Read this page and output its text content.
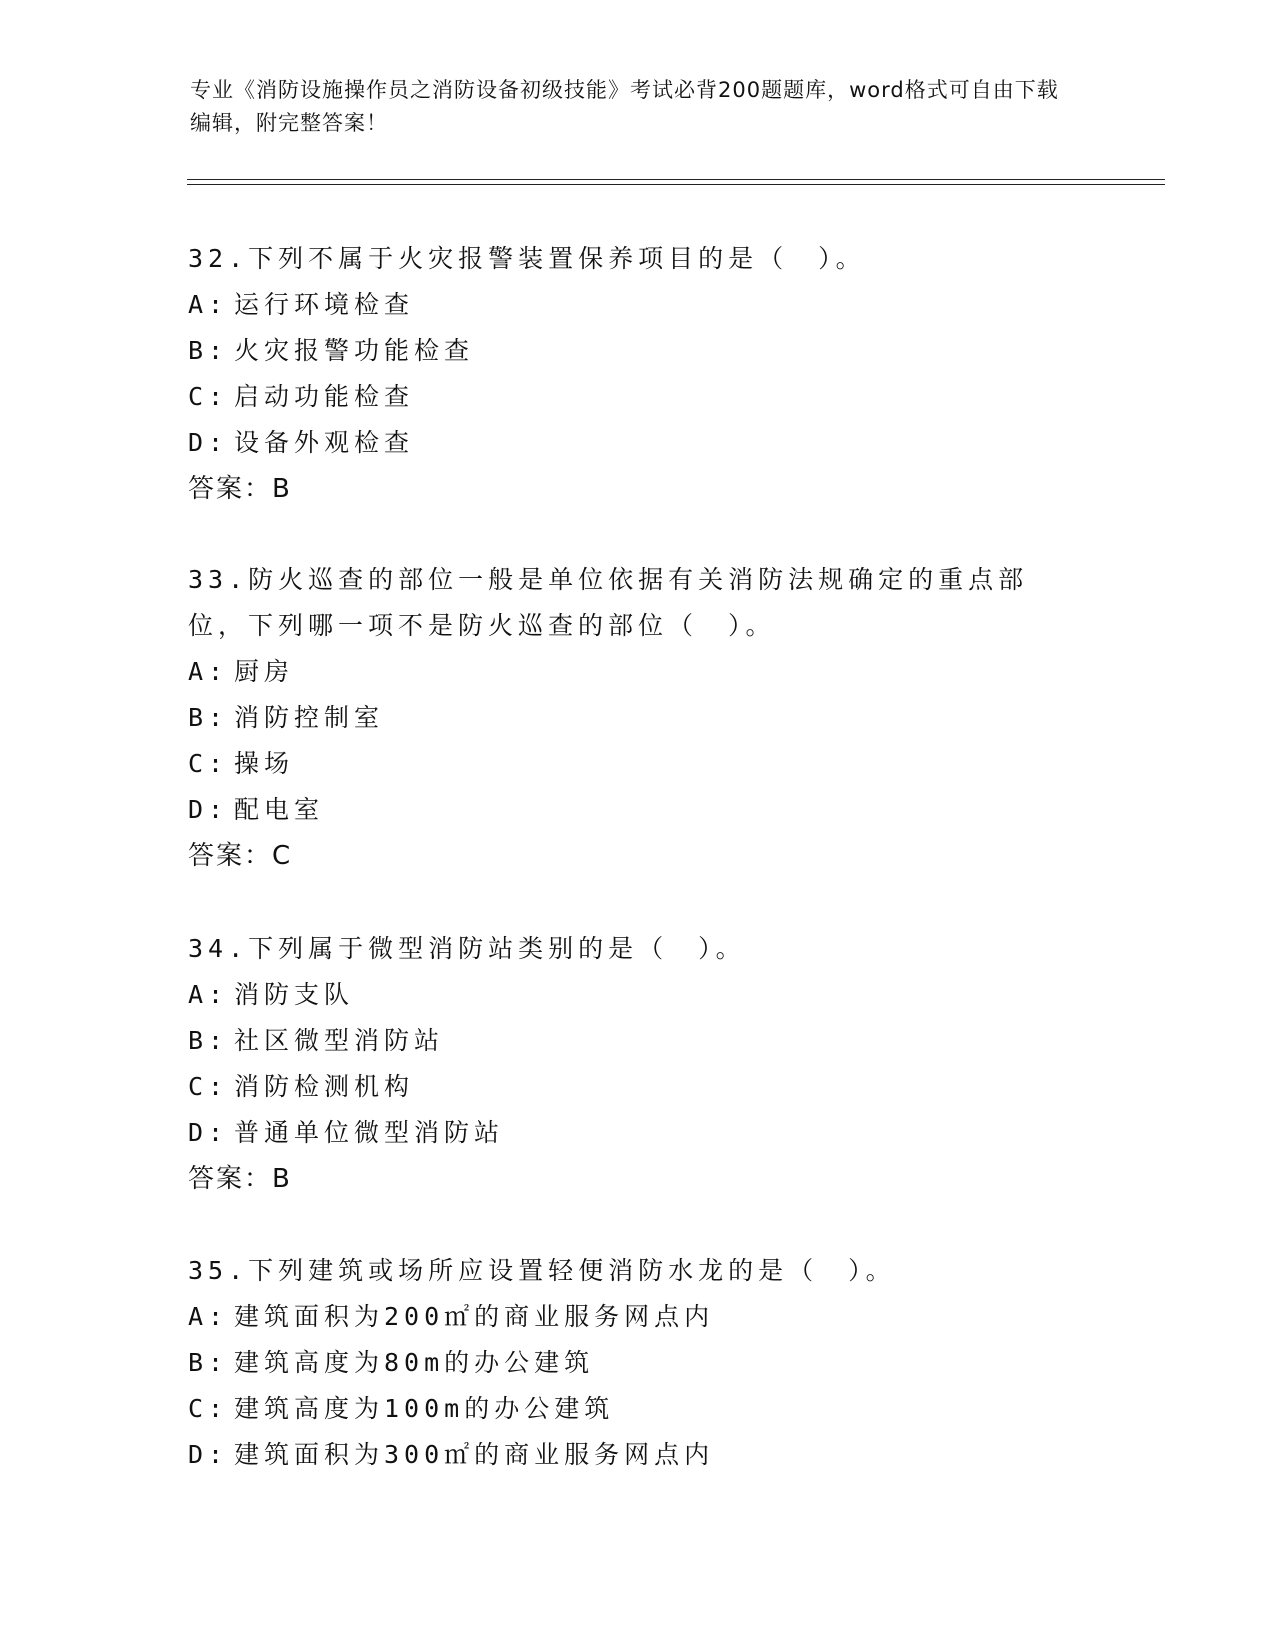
专业《消防设施操作员之消防设备初级技能》考试必背200题题库，word格式可自由下载编辑，附完整答案！

32.下列不属于火灾报警装置保养项目的是（　）。

A: 运行环境检查

B: 火灾报警功能检查

C: 启动功能检查

D: 设备外观检查

答案：B

33.防火巡查的部位一般是单位依据有关消防法规确定的重点部位，下列哪一项不是防火巡查的部位（　）。

A: 厨房

B: 消防控制室

C: 操场

D: 配电室

答案：C

34.下列属于微型消防站类别的是（　）。

A: 消防支队

B: 社区微型消防站

C: 消防检测机构

D: 普通单位微型消防站

答案：B

35.下列建筑或场所应设置轻便消防水龙的是（　）。

A: 建筑面积为200㎡的商业服务网点内

B: 建筑高度为80m的办公建筑

C: 建筑高度为100m的办公建筑

D: 建筑面积为300㎡的商业服务网点内
